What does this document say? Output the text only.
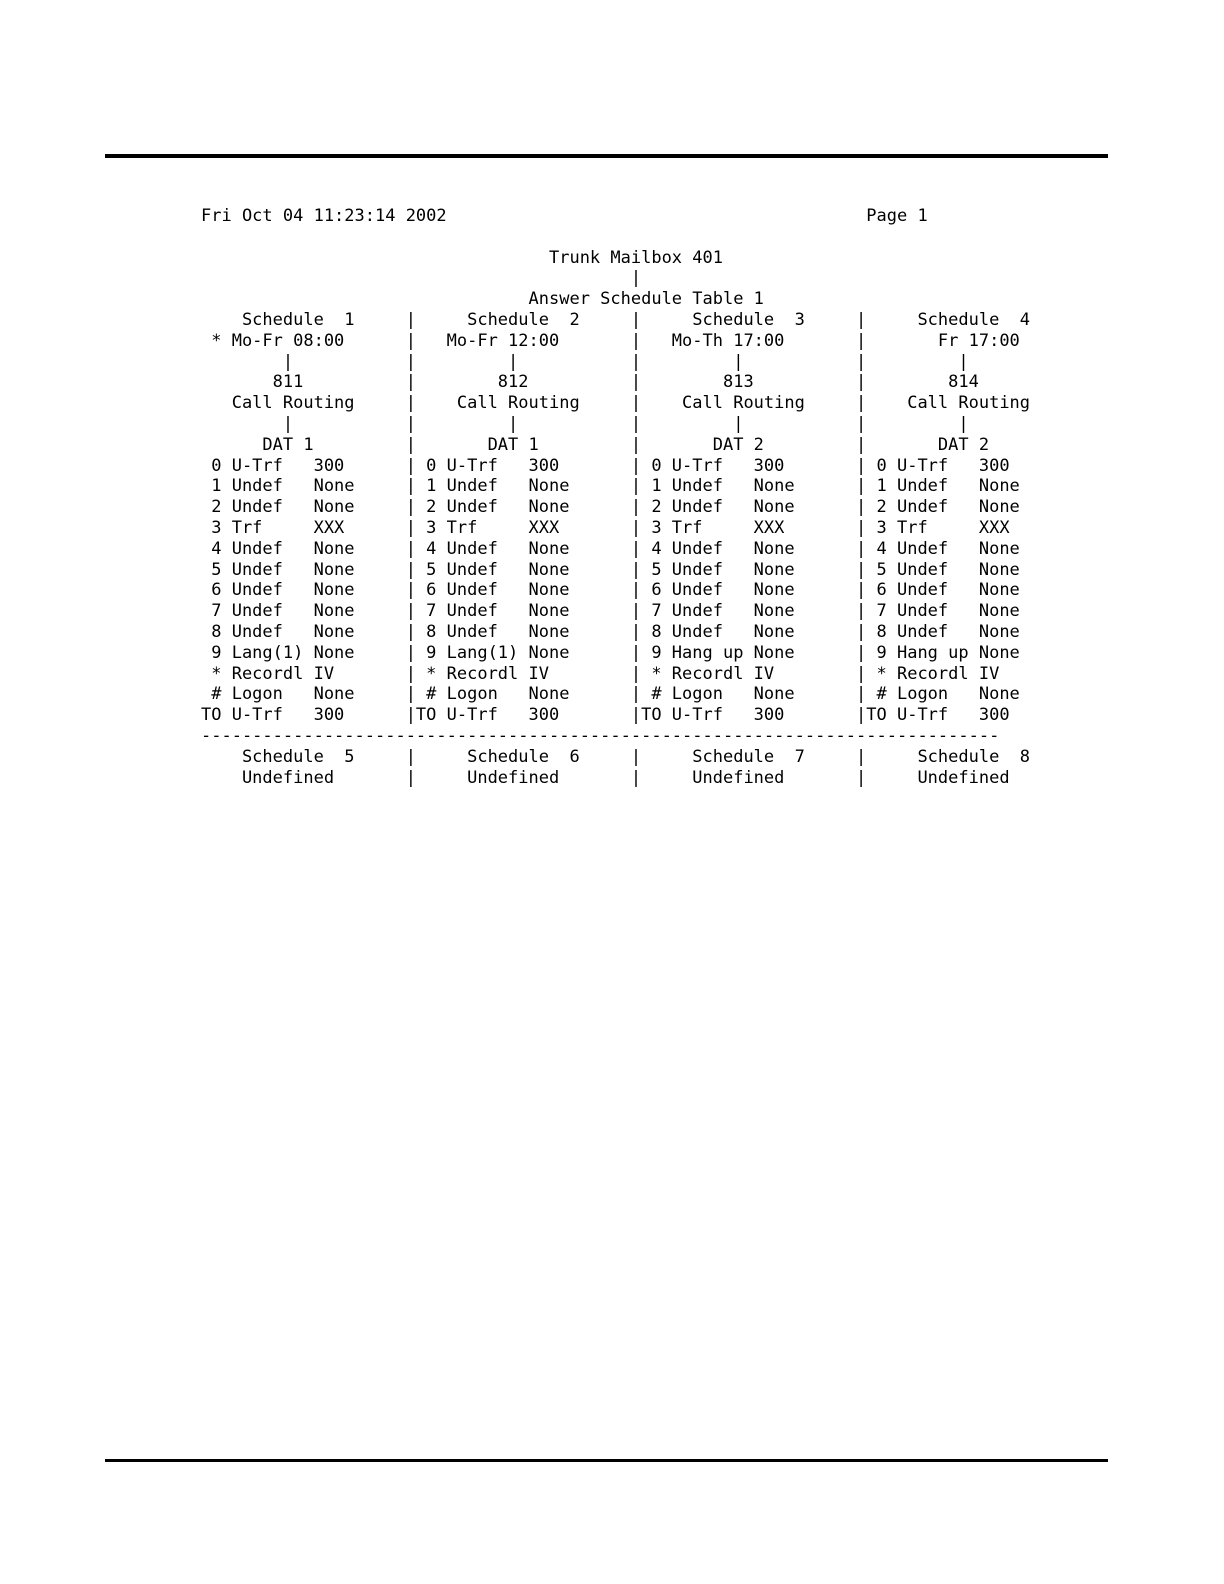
Fri Oct 04 11:23:14 2002                                         Page 1
Trunk Mailbox 401
|
Answer Schedule Table 1
Schedule  1     |     Schedule  2     |     Schedule  3     |     Schedule  4
* Mo-Fr 08:00      |   Mo-Fr 12:00       |   Mo-Th 17:00       |       Fr 17:00
|           |         |           |         |           |         |
811          |        812          |        813          |        814
Call Routing     |    Call Routing     |    Call Routing     |    Call Routing
|           |         |           |         |           |         |
DAT 1         |       DAT 1         |       DAT 2         |       DAT 2
0 U-Trf   300      | 0 U-Trf   300       | 0 U-Trf   300       | 0 U-Trf   300
1 Undef   None     | 1 Undef   None      | 1 Undef   None      | 1 Undef   None
2 Undef   None     | 2 Undef   None      | 2 Undef   None      | 2 Undef   None
3 Trf     XXX      | 3 Trf     XXX       | 3 Trf     XXX       | 3 Trf     XXX
4 Undef   None     | 4 Undef   None      | 4 Undef   None      | 4 Undef   None
5 Undef   None     | 5 Undef   None      | 5 Undef   None      | 5 Undef   None
6 Undef   None     | 6 Undef   None      | 6 Undef   None      | 6 Undef   None
7 Undef   None     | 7 Undef   None      | 7 Undef   None      | 7 Undef   None
8 Undef   None     | 8 Undef   None      | 8 Undef   None      | 8 Undef   None
9 Lang(1) None     | 9 Lang(1) None      | 9 Hang up None      | 9 Hang up None
* Recordl IV       | * Recordl IV        | * Recordl IV        | * Recordl IV
# Logon   None     | # Logon   None      | # Logon   None      | # Logon   None
TO U-Trf   300      |TO U-Trf   300       |TO U-Trf   300       |TO U-Trf   300
------------------------------------------------------------------------------
Schedule  5     |     Schedule  6     |     Schedule  7     |     Schedule  8
Undefined       |     Undefined       |     Undefined       |     Undefined
